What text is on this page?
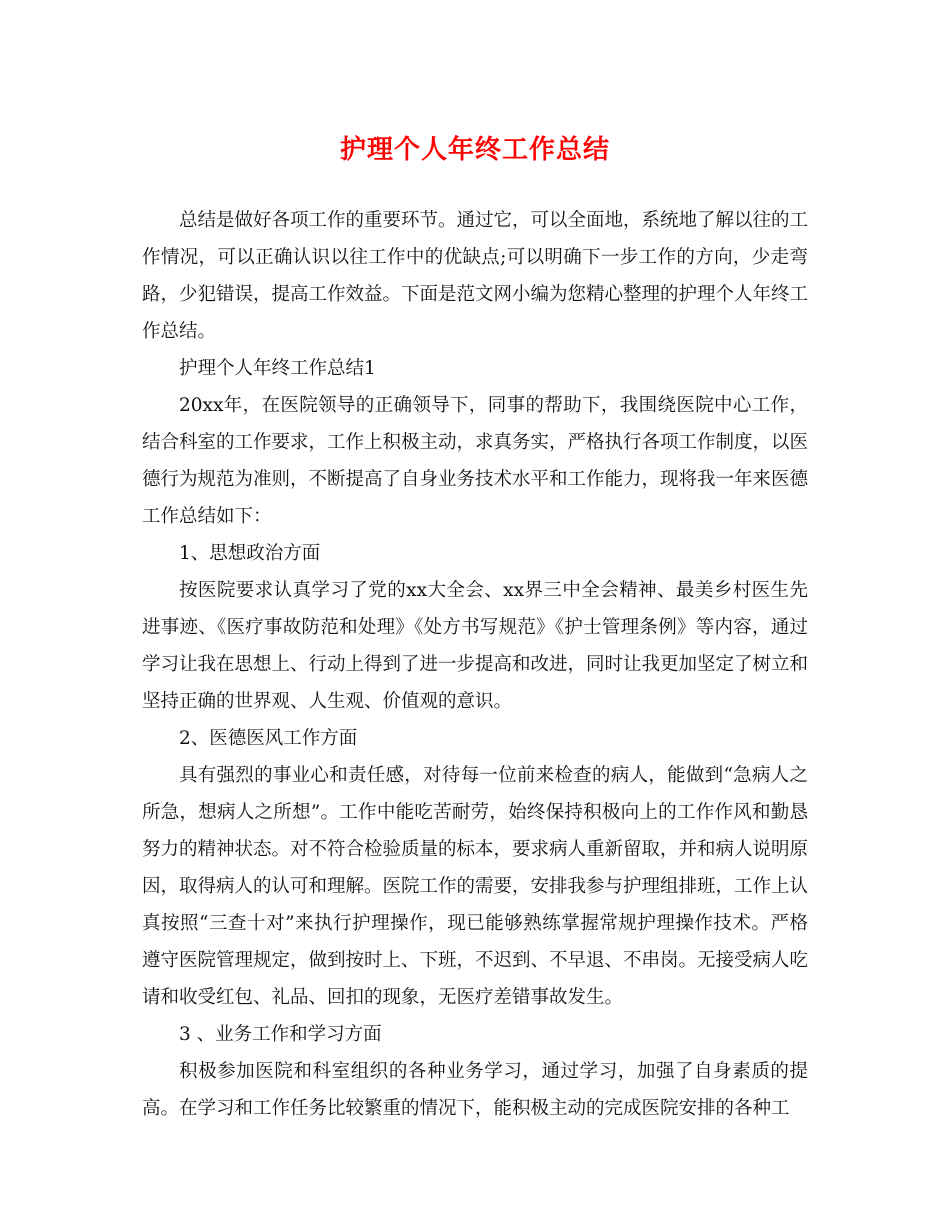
护理个人年终工作总结

总结是做好各项工作的重要环节。通过它，可以全面地，系统地了解以往的工作情况，可以正确认识以往工作中的优缺点;可以明确下一步工作的方向，少走弯路，少犯错误，提高工作效益。下面是范文网小编为您精心整理的护理个人年终工作总结。

护理个人年终工作总结1

20xx年，在医院领导的正确领导下，同事的帮助下，我围绕医院中心工作，结合科室的工作要求，工作上积极主动，求真务实，严格执行各项工作制度，以医德行为规范为准则，不断提高了自身业务技术水平和工作能力，现将我一年来医德工作总结如下：

1、思想政治方面

按医院要求认真学习了党的xx大全会、xx界三中全会精神、最美乡村医生先进事迹、《医疗事故防范和处理》《处方书写规范》《护士管理条例》等内容，通过学习让我在思想上、行动上得到了进一步提高和改进，同时让我更加坚定了树立和坚持正确的世界观、人生观、价值观的意识。

2、医德医风工作方面

具有强烈的事业心和责任感，对待每一位前来检查的病人，能做到“急病人之所急，想病人之所想”。工作中能吃苦耐劳，始终保持积极向上的工作作风和勤恳努力的精神状态。对不符合检验质量的标本，要求病人重新留取，并和病人说明原因，取得病人的认可和理解。医院工作的需要，安排我参与护理组排班，工作上认真按照“三查十对”来执行护理操作，现已能够熟练掌握常规护理操作技术。严格遵守医院管理规定，做到按时上、下班，不迟到、不早退、不串岗。无接受病人吃请和收受红包、礼品、回扣的现象，无医疗差错事故发生。

3 、业务工作和学习方面

积极参加医院和科室组织的各种业务学习，通过学习，加强了自身素质的提高。在学习和工作任务比较繁重的情况下，能积极主动的完成医院安排的各种工
